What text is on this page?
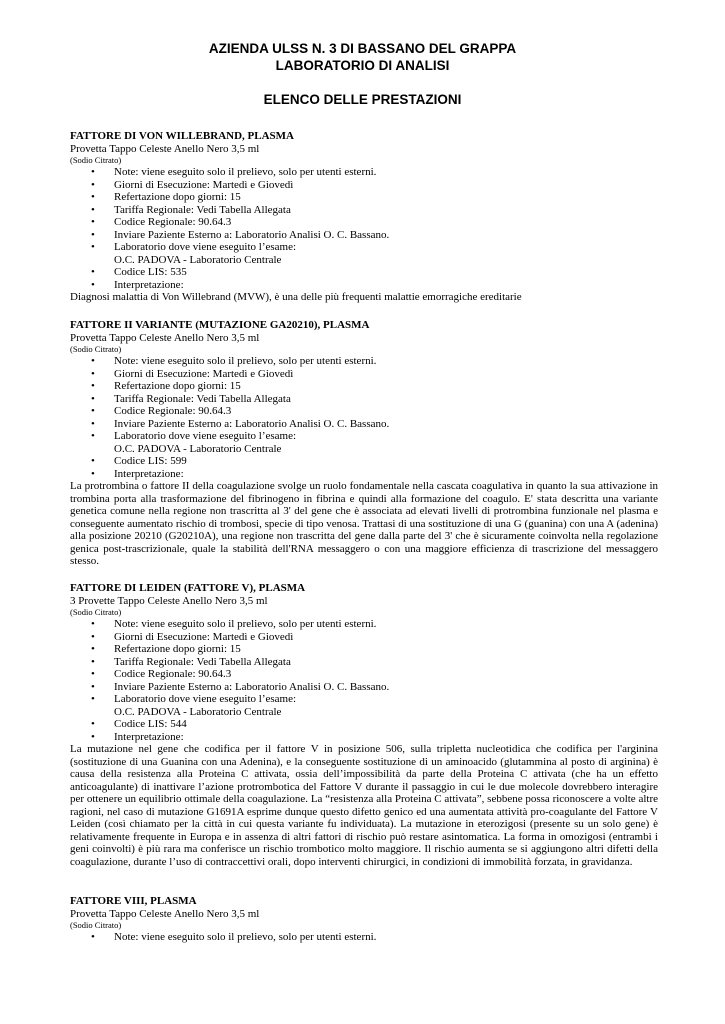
AZIENDA ULSS N. 3 DI BASSANO DEL GRAPPA
LABORATORIO DI ANALISI
ELENCO DELLE PRESTAZIONI
FATTORE DI VON WILLEBRAND, PLASMA
Provetta Tappo Celeste Anello Nero 3,5 ml
(Sodio Citrato)
• Note: viene eseguito solo il prelievo, solo per utenti esterni.
• Giorni di Esecuzione: Martedì e Giovedì
• Refertazione dopo giorni: 15
• Tariffa Regionale: Vedi Tabella Allegata
• Codice Regionale: 90.64.3
• Inviare Paziente Esterno a: Laboratorio Analisi O. C. Bassano.
• Laboratorio dove viene eseguito l’esame:
O.C. PADOVA - Laboratorio Centrale
• Codice LIS: 535
• Interpretazione:

Diagnosi malattia di Von Willebrand (MVW), è una delle più frequenti malattie emorragiche ereditarie

FATTORE II VARIANTE (MUTAZIONE GA20210), PLASMA
Provetta Tappo Celeste Anello Nero 3,5 ml
(Sodio Citrato)
• Note: viene eseguito solo il prelievo, solo per utenti esterni.
• Giorni di Esecuzione: Martedì e Giovedì
• Refertazione dopo giorni: 15
• Tariffa Regionale: Vedi Tabella Allegata
• Codice Regionale: 90.64.3
• Inviare Paziente Esterno a: Laboratorio Analisi O. C. Bassano.
• Laboratorio dove viene eseguito l’esame:
O.C. PADOVA - Laboratorio Centrale
• Codice LIS: 599
• Interpretazione:

La protrombina o fattore II della coagulazione svolge un ruolo fondamentale nella cascata coagulativa in quanto la sua attivazione in trombina porta alla trasformazione del fibrinogeno in fibrina e quindi alla formazione del coagulo. E' stata descritta una variante genetica comune nella regione non trascritta al 3' del gene che è associata ad elevati livelli di protrombina funzionale nel plasma e conseguente aumentato rischio di trombosi, specie di tipo venosa. Trattasi di una sostituzione di una G (guanina) con una A (adenina) alla posizione 20210 (G20210A), una regione non trascritta del gene dalla parte del 3' che è sicuramente coinvolta nella regolazione genica post-trascrizionale, quale la stabilità dell'RNA messaggero o con una maggiore efficienza di trascrizione del messaggero stesso.

FATTORE DI LEIDEN (FATTORE V), PLASMA
3 Provette Tappo Celeste Anello Nero 3,5 ml
(Sodio Citrato)
• Note: viene eseguito solo il prelievo, solo per utenti esterni.
• Giorni di Esecuzione: Martedì e Giovedì
• Refertazione dopo giorni: 15
• Tariffa Regionale: Vedi Tabella Allegata
• Codice Regionale: 90.64.3
• Inviare Paziente Esterno a: Laboratorio Analisi O. C. Bassano.
• Laboratorio dove viene eseguito l’esame:
O.C. PADOVA - Laboratorio Centrale
• Codice LIS: 544
• Interpretazione:

La mutazione nel gene che codifica per il fattore V in posizione 506, sulla tripletta nucleotidica che codifica per l'arginina (sostituzione di una Guanina con una Adenina), e la conseguente sostituzione di un aminoacido (glutammina al posto di arginina) è causa della resistenza alla Proteina C attivata, ossia dell’impossibilità da parte della Proteina C attivata (che ha un effetto anticoagulante) di inattivare l’azione protrombotica del Fattore V durante il passaggio in cui le due molecole dovrebbero interagire per ottenere un equilibrio ottimale della coagulazione. La “resistenza alla Proteina C attivata”, sebbene possa riconoscere a volte altre ragioni, nel caso di mutazione G1691A esprime dunque questo difetto genico ed una aumentata attività pro-coagulante del Fattore V Leiden (così chiamato per la città in cui questa variante fu individuata). La mutazione in eterozigosi (presente su un solo gene) è relativamente frequente in Europa e in assenza di altri fattori di rischio può restare asintomatica. La forma in omozigosi (entrambi i geni coinvolti) è più rara ma conferisce un rischio trombotico molto maggiore. Il rischio aumenta se si aggiungono altri difetti della coagulazione, durante l’uso di contraccettivi orali, dopo interventi chirurgici, in condizioni di immobilità forzata, in gravidanza.

FATTORE VIII, PLASMA
Provetta Tappo Celeste Anello Nero 3,5 ml
(Sodio Citrato)
• Note: viene eseguito solo il prelievo, solo per utenti esterni.
